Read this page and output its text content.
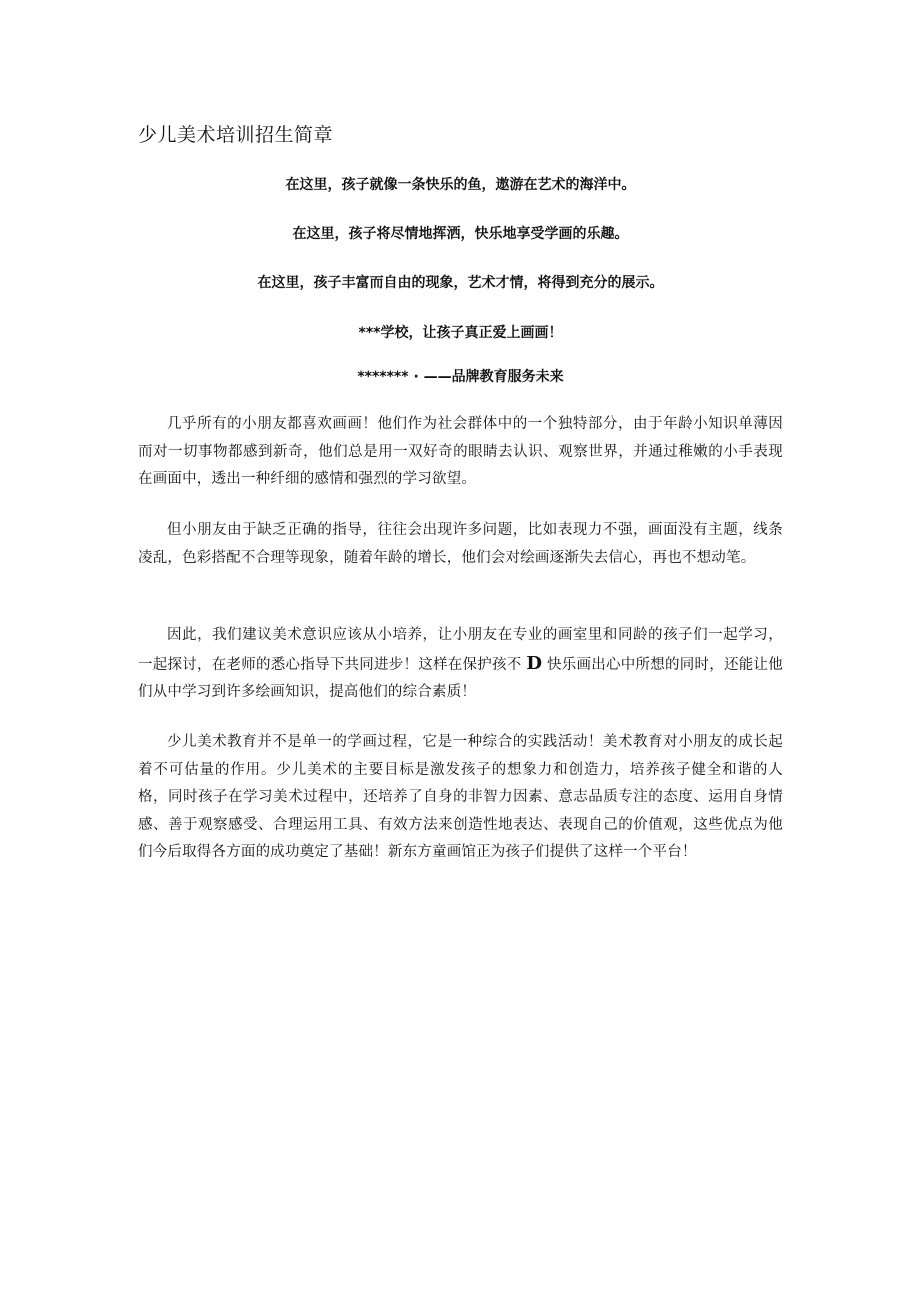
少儿美术培训招生简章

在这里，孩子就像一条快乐的鱼，遨游在艺术的海洋中。

在这里，孩子将尽情地挥洒，快乐地享受学画的乐趣。

在这里，孩子丰富而自由的现象，艺术才情，将得到充分的展示。

***学校，让孩子真正爱上画画！

******* · ——品牌教育服务未来

几乎所有的小朋友都喜欢画画！他们作为社会群体中的一个独特部分，由于年龄小知识单薄因而对一切事物都感到新奇，他们总是用一双好奇的眼睛去认识、观察世界，并通过稚嫩的小手表现在画面中，透出一种纤细的感情和强烈的学习欲望。

但小朋友由于缺乏正确的指导，往往会出现许多问题，比如表现力不强，画面没有主题，线条凌乱，色彩搭配不合理等现象，随着年龄的增长，他们会对绘画逐渐失去信心，再也不想动笔。

因此，我们建议美术意识应该从小培养，让小朋友在专业的画室里和同龄的孩子们一起学习，一起探讨，在老师的悉心指导下共同进步！这样在保护孩不 D 快乐画出心中所想的同时，还能让他们从中学习到许多绘画知识，提高他们的综合素质！

少儿美术教育并不是单一的学画过程，它是一种综合的实践活动！美术教育对小朋友的成长起着不可估量的作用。少儿美术的主要目标是激发孩子的想象力和创造力，培养孩子健全和谐的人格，同时孩子在学习美术过程中，还培养了自身的非智力因素、意志品质专注的态度、运用自身情感、善于观察感受、合理运用工具、有效方法来创造性地表达、表现自己的价值观，这些优点为他们今后取得各方面的成功奠定了基础！新东方童画馆正为孩子们提供了这样一个平台！
